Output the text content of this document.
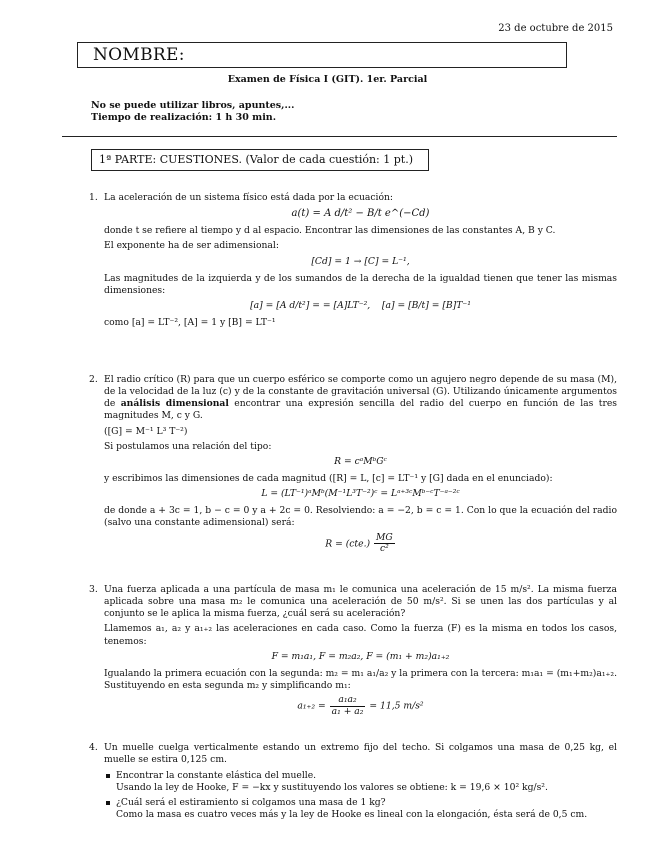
23 de octubre de 2015
NOMBRE:
Examen de Física I (GIT). 1er. Parcial
No se puede utilizar libros, apuntes,...
Tiempo de realización: 1 h 30 min.
1ª PARTE: CUESTIONES. (Valor de cada cuestión: 1 pt.)
1. La aceleración de un sistema físico está dada por la ecuación:

a(t) = A d/t² − B/t e^(−Cd)

donde t se refiere al tiempo y d al espacio. Encontrar las dimensiones de las constantes A, B y C.

El exponente ha de ser adimensional:

[Cd] = 1 → [C] = L⁻¹,

Las magnitudes de la izquierda y de los sumandos de la derecha de la igualdad tienen que tener las mismas dimensiones:

[a] = [A d/t²] = = [A]LT⁻², [a] = [B/t] = [B]T⁻¹

como [a] = LT⁻², [A] = 1 y [B] = LT⁻¹

2. El radio crítico (R) para que un cuerpo esférico se comporte como un agujero negro depende de su masa (M), de la velocidad de la luz (c) y de la constante de gravitación universal (G). Utilizando únicamente argumentos de análisis dimensional encontrar una expresión sencilla del radio del cuerpo en función de las tres magnitudes M, c y G.

([G] = M⁻¹ L³ T⁻²)

Si postulamos una relación del tipo:

R = cᵃMᵇGᶜ

y escribimos las dimensiones de cada magnitud ([R] = L, [c] = LT⁻¹ y [G] dada en el enunciado):

L = (LT⁻¹)ᵃMᵇ(M⁻¹L³T⁻²)ᶜ = Lᵃ⁺³ᶜMᵇ⁻ᶜT⁻ᵃ⁻²ᶜ

de donde a + 3c = 1, b − c = 0 y a + 2c = 0. Resolviendo: a = −2, b = c = 1. Con lo que la ecuación del radio (salvo una constante adimensional) será:

$R = (cte.) \frac{MG}{\text{c²}}$
3. Una fuerza aplicada a una partícula de masa m₁ le comunica una aceleración de 15 m/s². La misma fuerza aplicada sobre una masa m₂ le comunica una aceleración de 50 m/s². Si se unen las dos partículas y al conjunto se le aplica la misma fuerza, ¿cuál será su aceleración?

Llamemos a₁, a₂ y a₁₊₂ las aceleraciones en cada caso. Como la fuerza (F) es la misma en todos los casos, tenemos:

F = m₁a₁, F = m₂a₂, F = (m₁ + m₂)a₁₊₂

Igualando la primera ecuación con la segunda: m₂ = m₁ a₁/a₂ y la primera con la tercera: m₁a₁ = (m₁+m₂)a₁₊₂. Sustituyendo en esta segunda m₂ y simplificando m₁:

$a_{1+2} = \frac{\text{a₁a₂}}{\text{a₁ + a₂}} = 11,5$ m/s²
4. Un muelle cuelga verticalmente estando un extremo fijo del techo. Si colgamos una masa de 0,25 kg, el muelle se estira 0,125 cm.

Encontrar la constante elástica del muelle.
Usando la ley de Hooke, F = −kx y sustituyendo los valores se obtiene: k = 19,6 × 10² kg/s².
¿Cuál será el estiramiento si colgamos una masa de 1 kg?
Como la masa es cuatro veces más y la ley de Hooke es lineal con la elongación, ésta será de 0,5 cm.
